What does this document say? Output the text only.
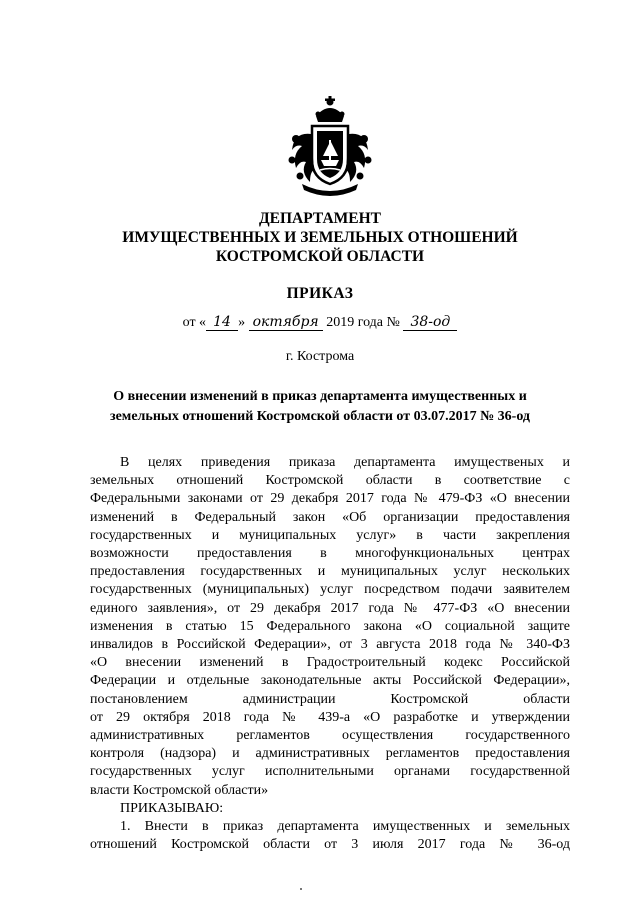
ДЕПАРТАМЕНТ
ИМУЩЕСТВЕННЫХ И ЗЕМЕЛЬНЫХ ОТНОШЕНИЙ
КОСТРОМСКОЙ ОБЛАСТИ
ПРИКАЗ
от « 14 » октября 2019 года № 38-од
г. Кострома
О внесении изменений в приказ департамента имущественных и
земельных отношений Костромской области от 03.07.2017 № 36-од
В целях приведения приказа департамента имущественых и
земельных отношений Костромской области в соответствие с
Федеральными законами от 29 декабря 2017 года № 479-ФЗ «О внесении
изменений в Федеральный закон «Об организации предоставления
государственных и муниципальных услуг» в части закрепления
возможности предоставления в многофункциональных центрах
предоставления государственных и муниципальных услуг нескольких
государственных (муниципальных) услуг посредством подачи заявителем
единого заявления», от 29 декабря 2017 года № 477-ФЗ «О внесении
изменения в статью 15 Федерального закона «О социальной защите
инвалидов в Российской Федерации», от 3 августа 2018 года № 340-ФЗ
«О внесении изменений в Градостроительный кодекс Российской
Федерации и отдельные законодательные акты Российской Федерации»,
постановлением администрации Костромской области
от 29 октября 2018 года № 439-а «О разработке и утверждении
административных регламентов осуществления государственного
контроля (надзора) и административных регламентов предоставления
государственных услуг исполнительными органами государственной
власти Костромской области»
ПРИКАЗЫВАЮ:
1. Внести в приказ департамента имущественных и земельных
отношений Костромской области от 3 июля 2017 года № 36-од
